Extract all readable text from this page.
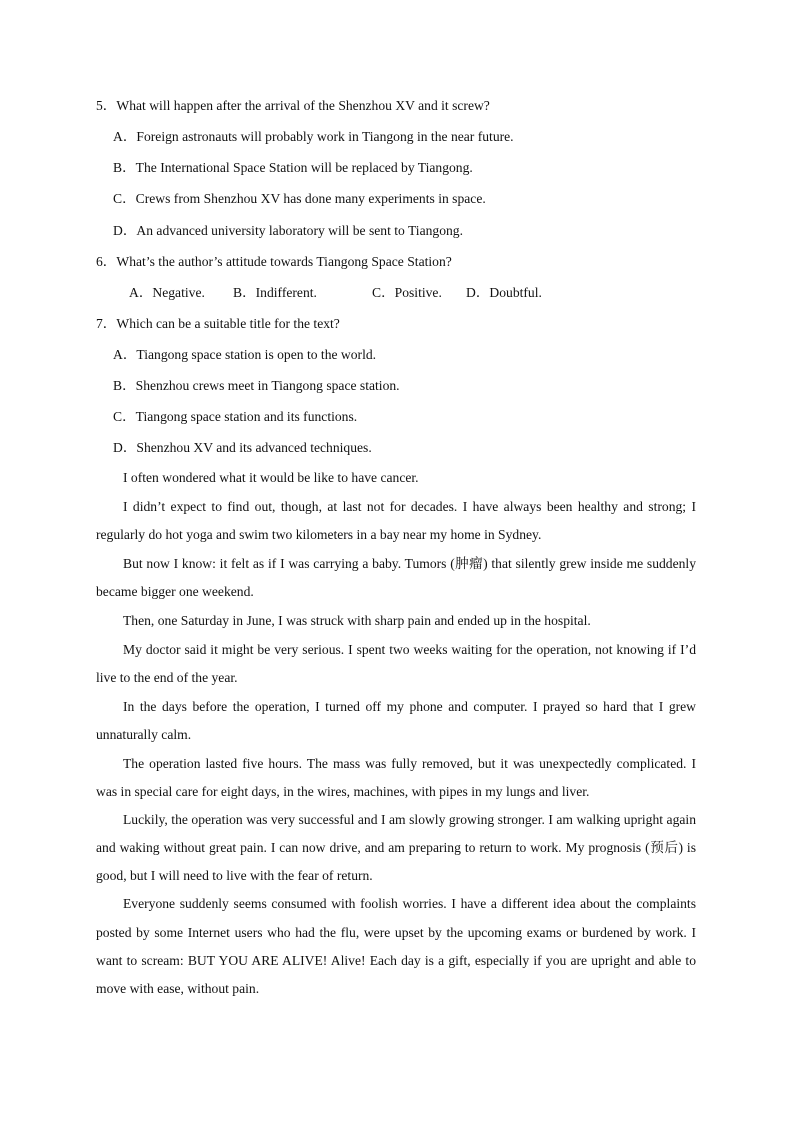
5．What will happen after the arrival of the Shenzhou XV and it screw?
A．Foreign astronauts will probably work in Tiangong in the near future.
B．The International Space Station will be replaced by Tiangong.
C．Crews from Shenzhou XV has done many experiments in space.
D．An advanced university laboratory will be sent to Tiangong.
6．What’s the author’s attitude towards Tiangong Space Station?
A．Negative. B．Indifferent.	C．Positive. D．Doubtful.
7．Which can be a suitable title for the text?
A．Tiangong space station is open to the world.
B．Shenzhou crews meet in Tiangong space station.
C．Tiangong space station and its functions.
D．Shenzhou XV and its advanced techniques.

I often wondered what it would be like to have cancer.

I didn’t expect to find out, though, at last not for decades. I have always been healthy and strong; I regularly do hot yoga and swim two kilometers in a bay near my home in Sydney.

But now I know: it felt as if I was carrying a baby. Tumors (肿瘤) that silently grew inside me suddenly became bigger one weekend.

Then, one Saturday in June, I was struck with sharp pain and ended up in the hospital.

My doctor said it might be very serious. I spent two weeks waiting for the operation, not knowing if I’d live to the end of the year.

In the days before the operation, I turned off my phone and computer. I prayed so hard that I grew unnaturally calm.

The operation lasted five hours. The mass was fully removed, but it was unexpectedly complicated. I was in special care for eight days, in the wires, machines, with pipes in my lungs and liver.

Luckily, the operation was very successful and I am slowly growing stronger. I am walking upright again and waking without great pain. I can now drive, and am preparing to return to work. My prognosis (预后) is good, but I will need to live with the fear of return.

Everyone suddenly seems consumed with foolish worries. I have a different idea about the complaints posted by some Internet users who had the flu, were upset by the upcoming exams or burdened by work. I want to scream: BUT YOU ARE ALIVE! Alive! Each day is a gift, especially if you are upright and able to move with ease, without pain.
